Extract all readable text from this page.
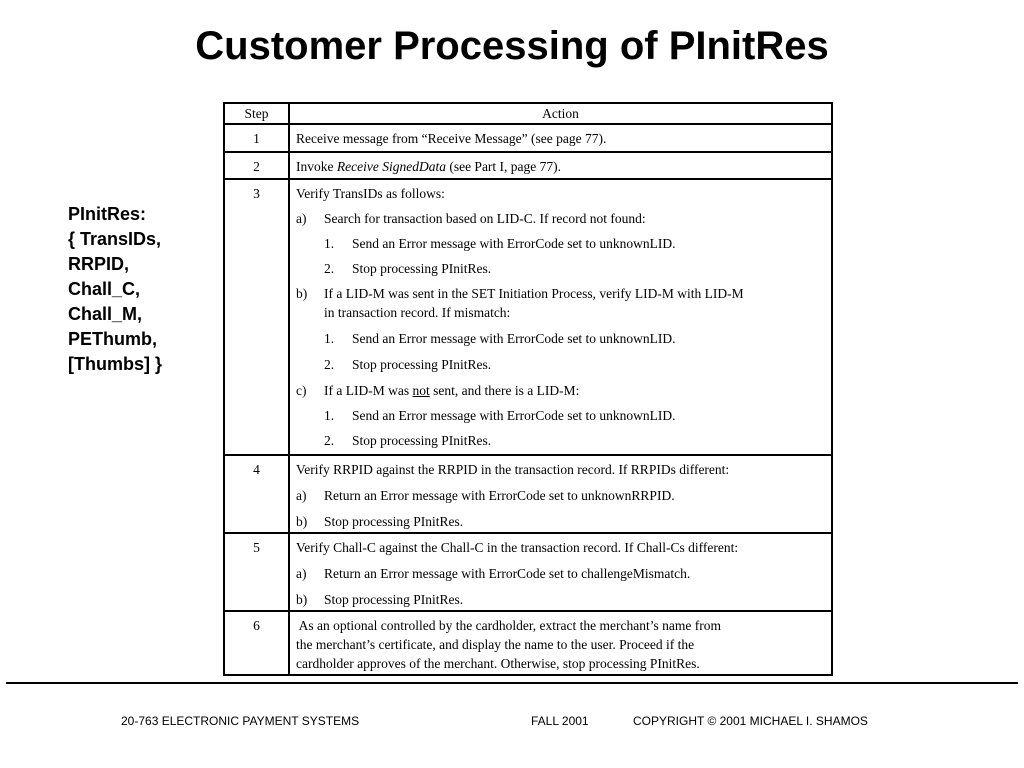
Customer Processing of PInitRes
PInitRes:
{ TransIDs,
RRPID,
Chall_C,
Chall_M,
PEThumb,
[Thumbs] }
Step	Action
1	Receive message from “Receive Message” (see page 77).
2	Invoke Receive SignedData (see Part I, page 77).
3	Verify TransIDs as follows:
a) Search for transaction based on LID-C. If record not found:
1. Send an Error message with ErrorCode set to unknownLID.
2. Stop processing PInitRes.
b) If a LID-M was sent in the SET Initiation Process, verify LID-M with LID-M
in transaction record. If mismatch:
1. Send an Error message with ErrorCode set to unknownLID.
2. Stop processing PInitRes.
c) If a LID-M was not sent, and there is a LID-M:
1. Send an Error message with ErrorCode set to unknownLID.
2. Stop processing PInitRes.
4	Verify RRPID against the RRPID in the transaction record. If RRPIDs different:
a) Return an Error message with ErrorCode set to unknownRRPID.
b) Stop processing PInitRes.
5	Verify Chall-C against the Chall-C in the transaction record. If Chall-Cs different:
a) Return an Error message with ErrorCode set to challengeMismatch.
b) Stop processing PInitRes.
6	As an optional controlled by the cardholder, extract the merchant’s name from
the merchant’s certificate, and display the name to the user. Proceed if the
cardholder approves of the merchant. Otherwise, stop processing PInitRes.
20-763 ELECTRONIC PAYMENT SYSTEMS	FALL 2001	COPYRIGHT © 2001 MICHAEL I. SHAMOS
